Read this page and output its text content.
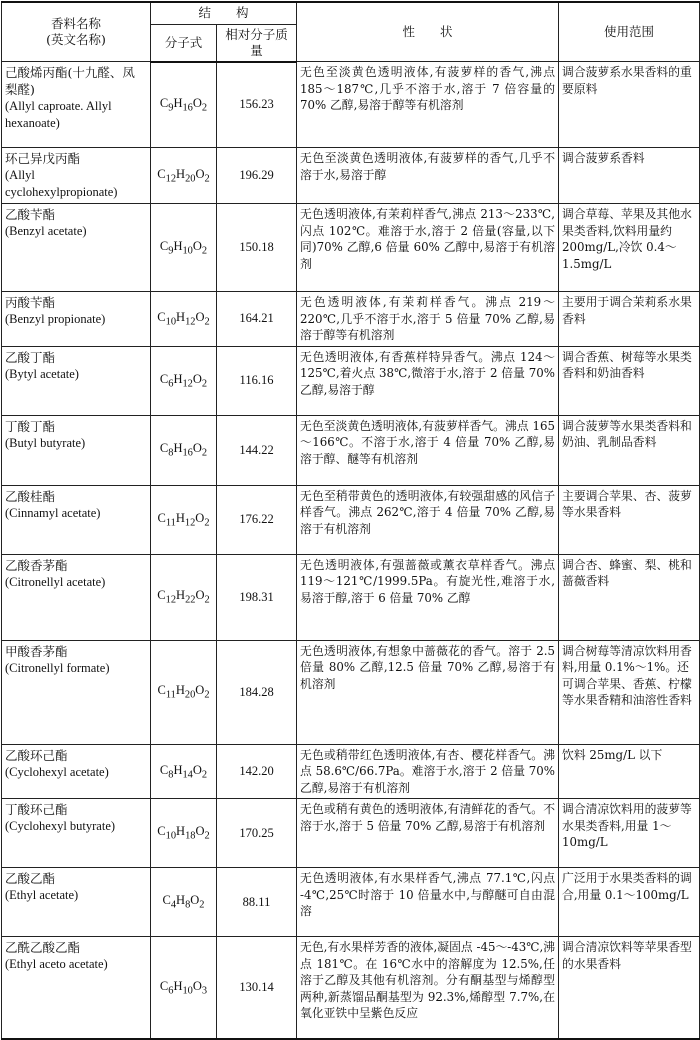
香料名称
(英文名称)	结　　构		性　　状	使用范围
	分子式	相对分子质量		

己酸烯丙酯(十九醛、凤梨醛)
(Allyl caproate. Allyl hexanoate)	$C_9H_{16}O_2$	156.23	无色至淡黄色透明液体,有菠萝样的香气,沸点 185～187℃,几乎不溶于水,溶于 7 倍容量的 70% 乙醇,易溶于醇等有机溶剂	调合菠萝系水果香料的重要原料

环己异戊丙酯
(Allyl cyclohexylpropionate)	$C_{12}H_{20}O_2$	196.29	无色至淡黄色透明液体,有菠萝样的香气,几乎不溶于水,易溶于醇	调合菠萝系香料

乙酸苄酯
(Benzyl acetate)	$C_9H_{10}O_2$	150.18	无色透明液体,有茉莉样香气,沸点 213～233℃,闪点 102℃。难溶于水,溶于 2 倍量(容量,以下同)70% 乙醇,6 倍量 60% 乙醇中,易溶于有机溶剂	调合草莓、苹果及其他水果类香料,饮料用量约 200mg/L,冷饮 0.4～1.5mg/L

丙酸苄酯
(Benzyl propionate)	$C_{10}H_{12}O_2$	164.21	无色透明液体,有茉莉样香气。沸点 219～220℃,几乎不溶于水,溶于 5 倍量 70% 乙醇,易溶于醇等有机溶剂	主要用于调合茉莉系水果香料

乙酸丁酯
(Bytyl acetate)	$C_6H_{12}O_2$	116.16	无色透明液体,有香蕉样特异香气。沸点 124～125℃,着火点 38℃,微溶于水,溶于 2 倍量 70% 乙醇,易溶于醇	调合香蕉、树莓等水果类香料和奶油香料

丁酸丁酯
(Butyl butyrate)	$C_8H_{16}O_2$	144.22	无色至淡黄色透明液体,有菠萝样香气。沸点 165～166℃。不溶于水,溶于 4 倍量 70% 乙醇,易溶于醇、醚等有机溶剂	调合菠萝等水果类香料和奶油、乳制品香料

乙酸桂酯
(Cinnamyl acetate)	$C_{11}H_{12}O_2$	176.22	无色至稍带黄色的透明液体,有较强甜感的风信子样香气。沸点 262℃,溶于 4 倍量 70% 乙醇,易溶于有机溶剂	主要调合苹果、杏、菠萝等水果香料

乙酸香茅酯
(Citronellyl acetate)	$C_{12}H_{22}O_2$	198.31	无色透明液体,有强蔷薇或薰衣草样香气。沸点 119～121℃/1999.5Pa。有旋光性,难溶于水,易溶于醇,溶于 6 倍量 70% 乙醇	调合杏、蜂蜜、梨、桃和蔷薇香料

甲酸香茅酯
(Citronellyl formate)	$C_{11}H_{20}O_2$	184.28	无色透明液体,有想象中蔷薇花的香气。溶于 2.5 倍量 80% 乙醇,12.5 倍量 70% 乙醇,易溶于有机溶剂	调合树莓等清凉饮料用香料,用量 0.1%～1%。还可调合苹果、香蕉、柠檬等水果香精和油溶性香料

乙酸环己酯
(Cyclohexyl acetate)	$C_8H_{14}O_2$	142.20	无色或稍带红色透明液体,有杏、樱花样香气。沸点 58.6℃/66.7Pa。难溶于水,溶于 2 倍量 70% 乙醇,易溶于有机溶剂	饮料 25mg/L 以下

丁酸环己酯
(Cyclohexyl butyrate)	$C_{10}H_{18}O_2$	170.25	无色或稍有黄色的透明液体,有清鲜花的香气。不溶于水,溶于 5 倍量 70% 乙醇,易溶于有机溶剂	调合清凉饮料用的菠萝等水果类香料,用量 1～10mg/L

乙酸乙酯
(Ethyl acetate)	$C_4H_8O_2$	88.11	无色透明液体,有水果样香气,沸点 77.1℃,闪点 -4℃,25℃时溶于 10 倍量水中,与醇醚可自由混溶	广泛用于水果类香料的调合,用量 0.1～100mg/L

乙酰乙酸乙酯
(Ethyl aceto acetate)	$C_6H_{10}O_3$	130.14	无色,有水果样芳香的液体,凝固点 -45～-43℃,沸点 181℃。在 16℃水中的溶解度为 12.5%,任溶于乙醇及其他有机溶剂。分有酮基型与烯醇型两种,新蒸馏品酮基型为 92.3%,烯醇型 7.7%,在氧化亚铁中呈紫色反应	调合清凉饮料等苹果香型的水果香料
